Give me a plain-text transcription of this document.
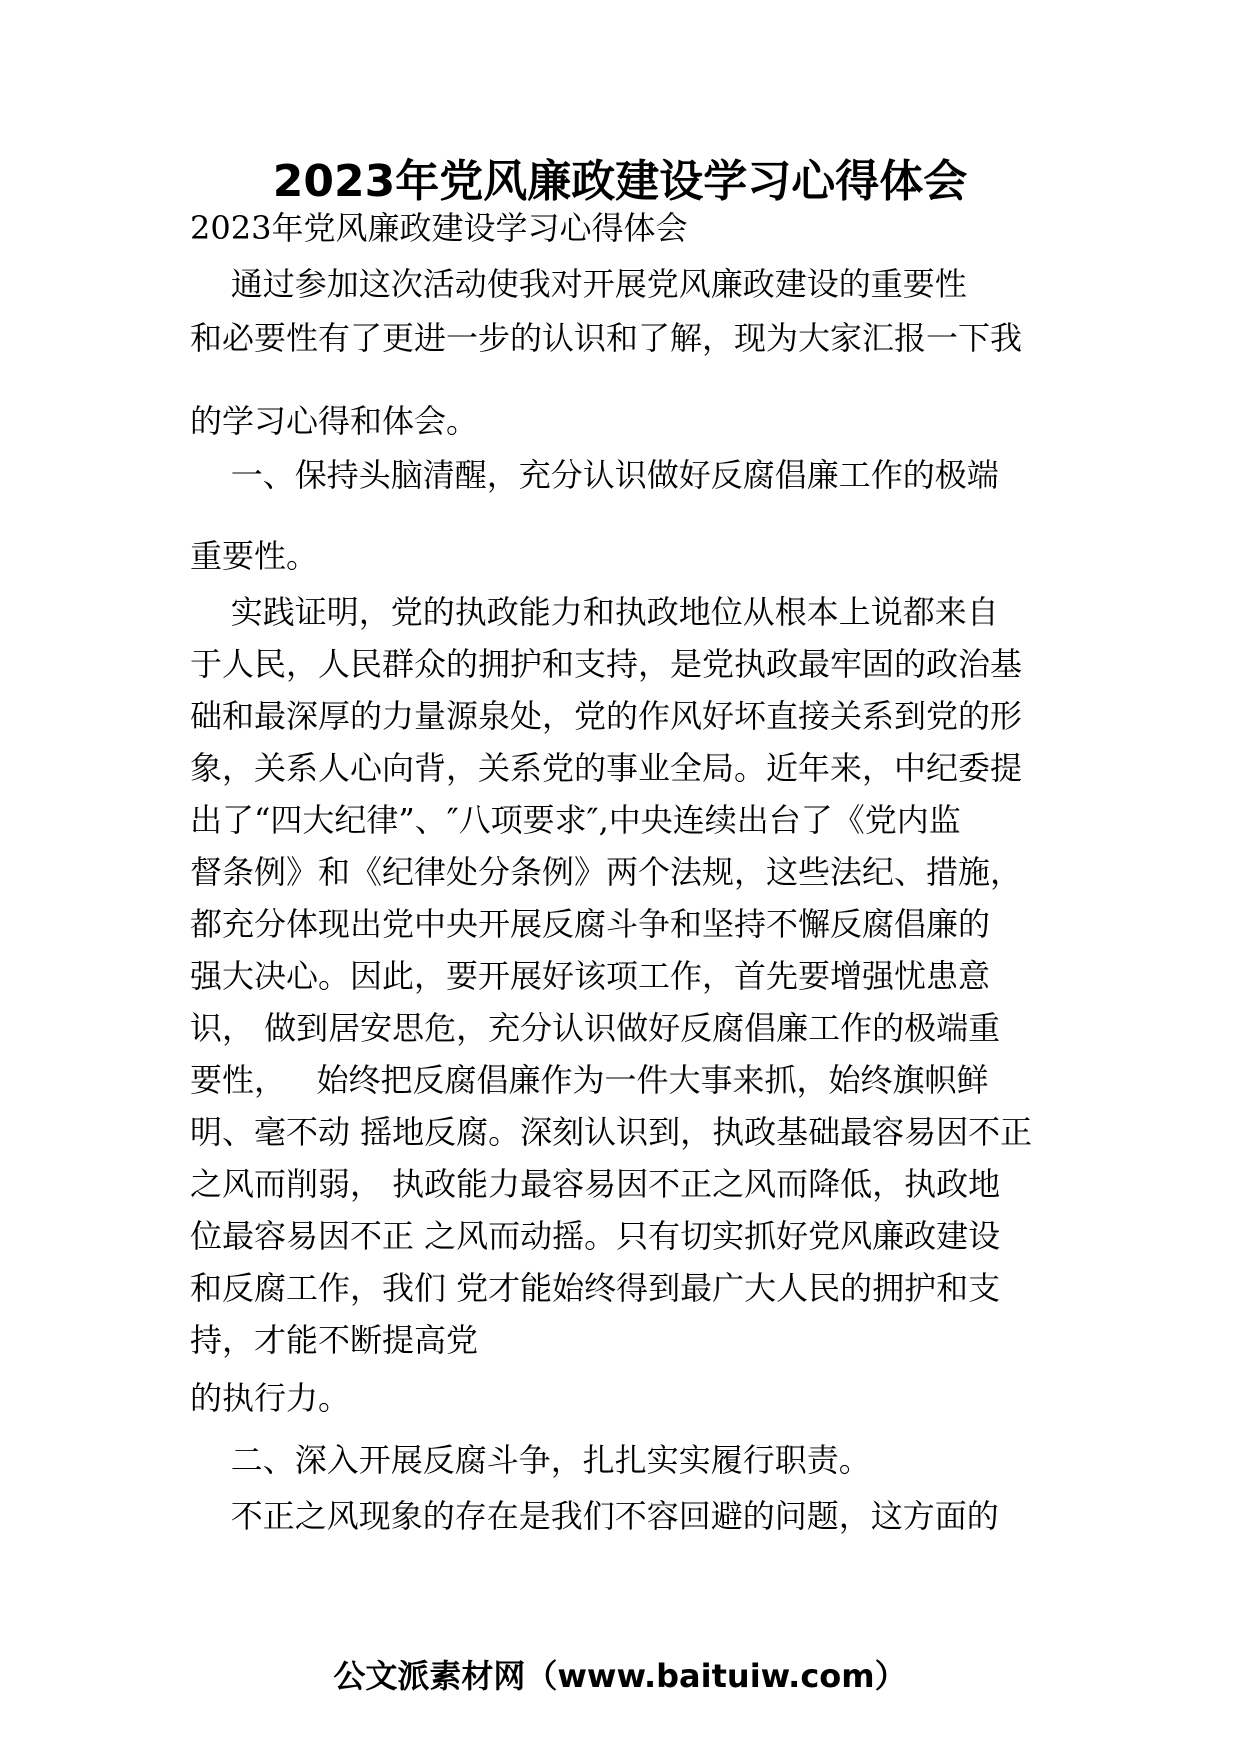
2023年党风廉政建设学习心得体会
2023年党风廉政建设学习心得体会
通过参加这次活动使我对开展党风廉政建设的重要性
和必要性有了更进一步的认识和了解，现为大家汇报一下我
的学习心得和体会。
一、保持头脑清醒，充分认识做好反腐倡廉工作的极端
重要性。
实践证明，党的执政能力和执政地位从根本上说都来自
于人民，人民群众的拥护和支持，是党执政最牢固的政治基
础和最深厚的力量源泉处，党的作风好坏直接关系到党的形
象，关系人心向背，关系党的事业全局。近年来，中纪委提
出了“四大纪律”、″八项要求″,中央连续出台了《党内监
督条例》和《纪律处分条例》两个法规，这些法纪、措施，
都充分体现出党中央开展反腐斗争和坚持不懈反腐倡廉的
强大决心。因此，要开展好该项工作，首先要增强忧患意
识， 做到居安思危，充分认识做好反腐倡廉工作的极端重
要性，   始终把反腐倡廉作为一件大事来抓，始终旗帜鲜
明、毫不动 摇地反腐。深刻认识到，执政基础最容易因不正
之风而削弱， 执政能力最容易因不正之风而降低，执政地
位最容易因不正 之风而动摇。只有切实抓好党风廉政建设
和反腐工作，我们 党才能始终得到最广大人民的拥护和支
持，才能不断提高党
的执行力。
二、深入开展反腐斗争，扎扎实实履行职责。
不正之风现象的存在是我们不容回避的问题，这方面的
公文派素材网（www.baituiw.com）
